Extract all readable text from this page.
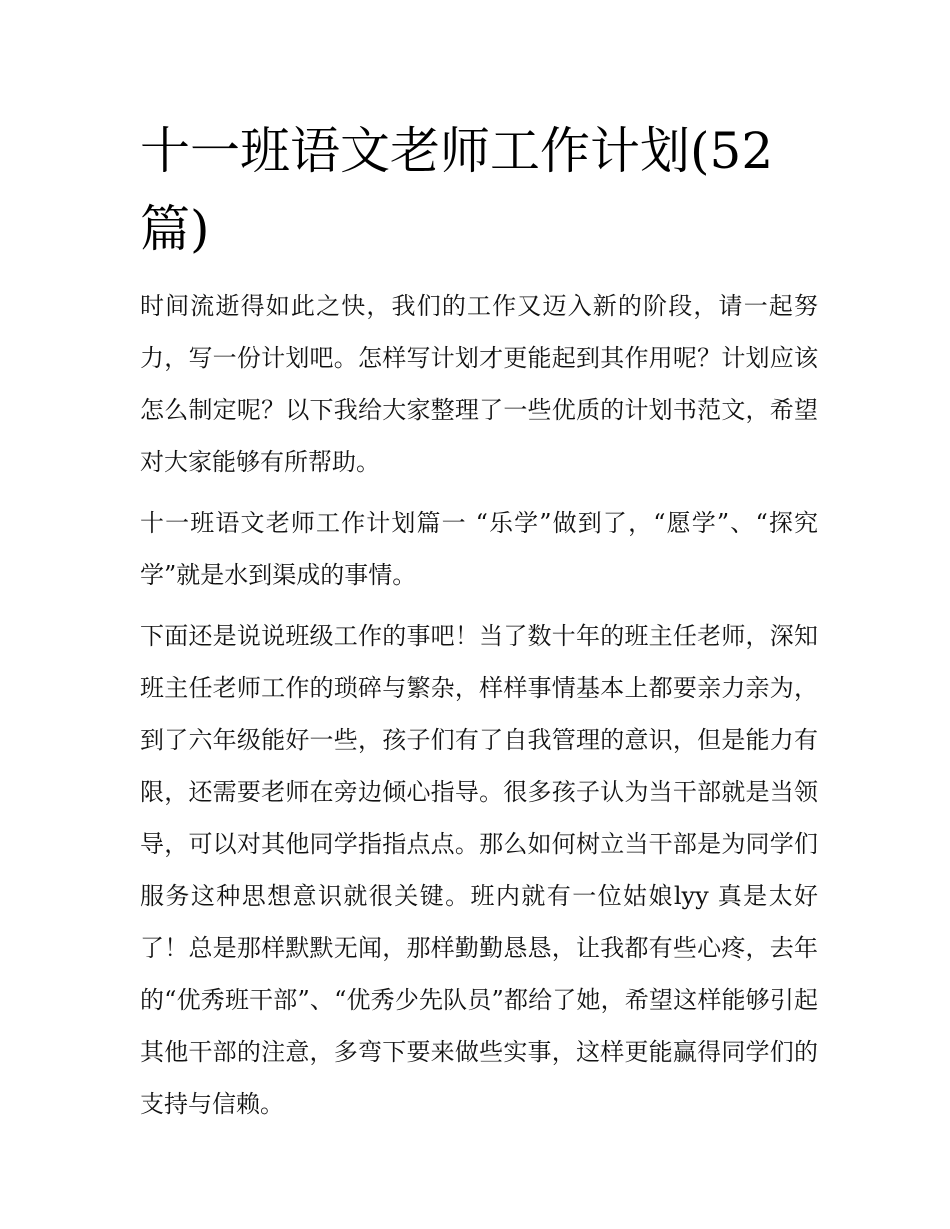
十一班语文老师工作计划(52篇)

时间流逝得如此之快，我们的工作又迈入新的阶段，请一起努力，写一份计划吧。怎样写计划才更能起到其作用呢？计划应该怎么制定呢？以下我给大家整理了一些优质的计划书范文，希望对大家能够有所帮助。

十一班语文老师工作计划篇一 “乐学”做到了，“愿学”、“探究学”就是水到渠成的事情。

下面还是说说班级工作的事吧！当了数十年的班主任老师，深知班主任老师工作的琐碎与繁杂，样样事情基本上都要亲力亲为，到了六年级能好一些，孩子们有了自我管理的意识，但是能力有限，还需要老师在旁边倾心指导。很多孩子认为当干部就是当领导，可以对其他同学指指点点。那么如何树立当干部是为同学们服务这种思想意识就很关键。班内就有一位姑娘lyy 真是太好了！总是那样默默无闻，那样勤勤恳恳，让我都有些心疼，去年的“优秀班干部”、“优秀少先队员”都给了她，希望这样能够引起其他干部的注意，多弯下要来做些实事，这样更能赢得同学们的支持与信赖。
